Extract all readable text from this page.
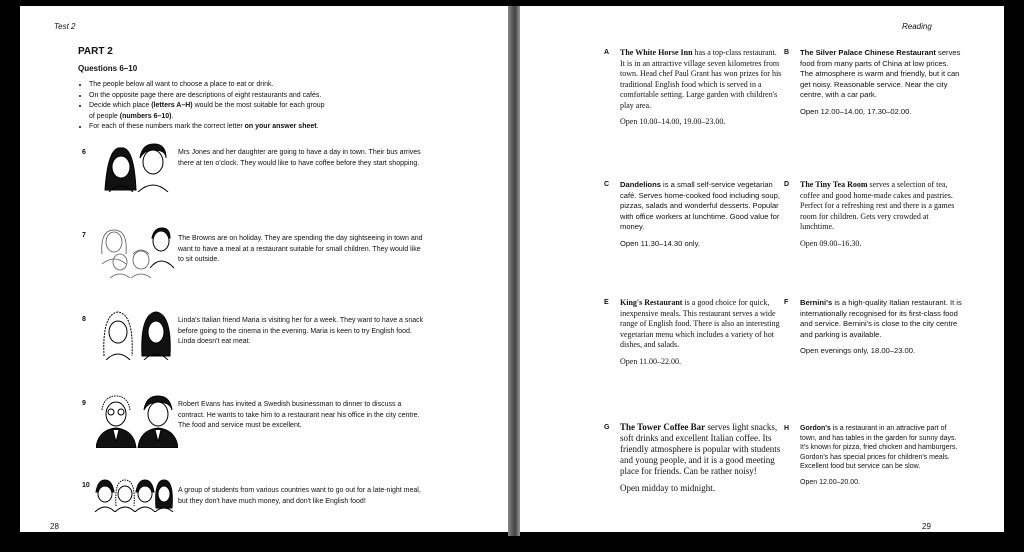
Test 2
PART 2
Questions 6–10
• The people below all want to choose a place to eat or drink.
• On the opposite page there are descriptions of eight restaurants and cafés.
• Decide which place (letters A–H) would be the most suitable for each group
of people (numbers 6–10).
• For each of these numbers mark the correct letter on your answer sheet.
6	Mrs Jones and her daughter are going to have a day in town. Their bus arrives there at ten o'clock. They would like to have coffee before they start shopping.
7	The Browns are on holiday. They are spending the day sightseeing in town and want to have a meal at a restaurant suitable for small children. They would like to sit outside.
8	Linda's Italian friend Maria is visiting her for a week. They want to have a snack before going to the cinema in the evening. Maria is keen to try English food. Linda doesn't eat meat.
9	Robert Evans has invited a Swedish businessman to dinner to discuss a contract. He wants to take him to a restaurant near his office in the city centre. The food and service must be excellent.
10
A group of students from various countries want to go out for a late-night meal, but they don't have much money, and don't like English food!
28
Reading
A The White Horse Inn has a top-class restaurant. It is in an attractive village seven kilometres from town. Head chef Paul Grant has won prizes for his traditional English food which is served in a comfortable setting. Large garden with children's play area.
Open 10.00–14.00, 19.00–23.00.
B The Silver Palace Chinese Restaurant serves food from many parts of China at low prices. The atmosphere is warm and friendly, but it can get noisy. Reasonable service. Near the city centre, with a car park.
Open 12.00–14.00, 17.30–02.00.
C Dandelions is a small self-service vegetarian café. Serves home-cooked food including soup, pizzas, salads and wonderful desserts. Popular with office workers at lunchtime. Good value for money.
Open 11.30–14.30 only.
D The Tiny Tea Room serves a selection of tea, coffee and good home-made cakes and pastries. Perfect for a refreshing rest and there is a games room for children. Gets very crowded at lunchtime.
Open 09.00–16.30.
E King's Restaurant is a good choice for quick, inexpensive meals. This restaurant serves a wide range of English food. There is also an interesting vegetarian menu which includes a variety of hot dishes, and salads.
Open 11.00–22.00.
F Bernini's is a high-quality Italian restaurant. It is internationally recognised for its first-class food and service. Bernini's is close to the city centre and parking is available.
Open evenings only, 18.00–23.00.
G The Tower Coffee Bar serves light snacks, soft drinks and excellent Italian coffee. Its friendly atmosphere is popular with students and young people, and it is a good meeting place for friends. Can be rather noisy!
Open midday to midnight.
H Gordon's is a restaurant in an attractive part of town, and has tables in the garden for sunny days. It's known for pizza, fried chicken and hamburgers. Gordon's has special prices for children's meals. Excellent food but service can be slow.
Open 12.00–20.00.
29
